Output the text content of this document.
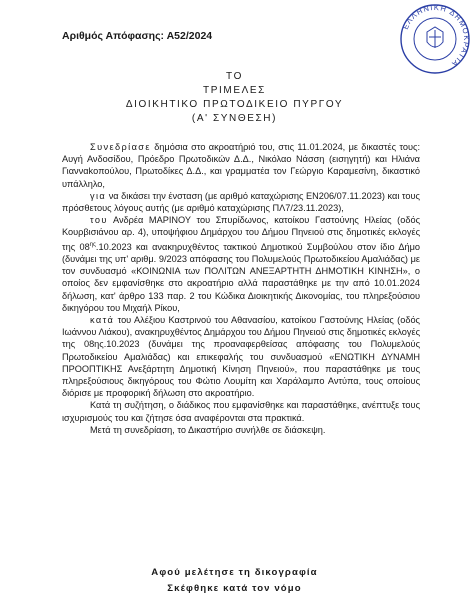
Αριθμός Απόφασης: Α52/2024
ΕΛΛΗΝΙΚΗ ΔΗΜΟΚΡΑΤΙΑ
ΤΟ
ΤΡΙΜΕΛΕΣ
ΔΙΟΙΚΗΤΙΚΟ ΠΡΩΤΟΔΙΚΕΙΟ ΠΥΡΓΟΥ
(Α' ΣΥΝΘΕΣΗ)

Συνεδρίασε δημόσια στο ακροατήριό του, στις 11.01.2024, με δικαστές τους: Αυγή Ανδοσίδου, Πρόεδρο Πρωτοδικών Δ.Δ., Νικόλαο Νάσση (εισηγητή) και Ηλιάνα Γιανναkoπούλου, Πρωτοδίκες Δ.Δ., και γραμματέα τον Γεώργιο Καραμεσίνη, δικαστικό υπάλληλο,

για να δικάσει την ένσταση (με αριθμό καταχώρισης ΕΝ206/07.11.2023) και τους πρόσθετους λόγους αυτής (με αριθμό καταχώρισης ΠΛ7/23.11.2023),

του Ανδρέα ΜΑΡΙΝΟΥ του Σπυρίδωνος, κατοίκου Γαστούνης Ηλείας (οδός Κουρβισιάνου αρ. 4), υποψήφιου Δημάρχου του Δήμου Πηνειού στις δημοτικές εκλογές της $08^{\eta\varsigma}.10.2023$ και ανακηρυχθέντος τακτικού Δημοτικού Συμβούλου στον ίδιο Δήμο (δυνάμει της υπ' αριθμ. 9/2023 απόφασης του Πολυμελούς Πρωτοδικείου Αμαλιάδας) με τον συνδυασμό «ΚΟΙΝΩΝΙΑ των ΠΟΛΙΤΩΝ ΑΝΕΞΑΡΤΗΤΗ ΔΗΜΟΤΙΚΗ ΚΙΝΗΣΗ», ο οποίος δεν εμφανίσθηκε στο ακροατήριο αλλά παραστάθηκε με την από 10.01.2024 δήλωση, κατ' άρθρο 133 παρ. 2 του Κώδικα Διοικητικής Δικονομίας, του πληρεξούσιου δικηγόρου του Μιχαήλ Ρίκου,

κατά του Αλέξιου Καστρινού του Αθανασίου, κατοίκου Γαστούνης Ηλείας (οδός Ιωάννου Λιάκου), ανακηρυχθέντος Δημάρχου του Δήμου Πηνειού στις δημοτικές εκλογές της 08ης.10.2023 (δυνάμει της προαναφερθείσας απόφασης του Πολυμελούς Πρωτοδικείου Αμαλιάδας) και επικεφαλής του συνδυασμού «ΕΝΩΤΙΚΗ ΔΥΝΑΜΗ ΠΡΟΟΠΤΙΚΗΣ Ανεξάρτητη Δημοτική Κίνηση Πηνειού», που παραστάθηκε με τους πληρεξούσιους δικηγόρους του Φώτιο Λουμίτη και Χαράλαμπο Αντύπα, τους οποίους διόρισε με προφορική δήλωση στο ακροατήριο.

Κατά τη συζήτηση, ο διάδικος που εμφανίσθηκε και παραστάθηκε, ανέπτυξε τους ισχυρισμούς του και ζήτησε όσα αναφέρονται στα πρακτικά.

Μετά τη συνεδρίαση, το Δικαστήριο συνήλθε σε διάσκεψη.

Αφού μελέτησε τη δικογραφία
Σκέφθηκε κατά τον νόμο
